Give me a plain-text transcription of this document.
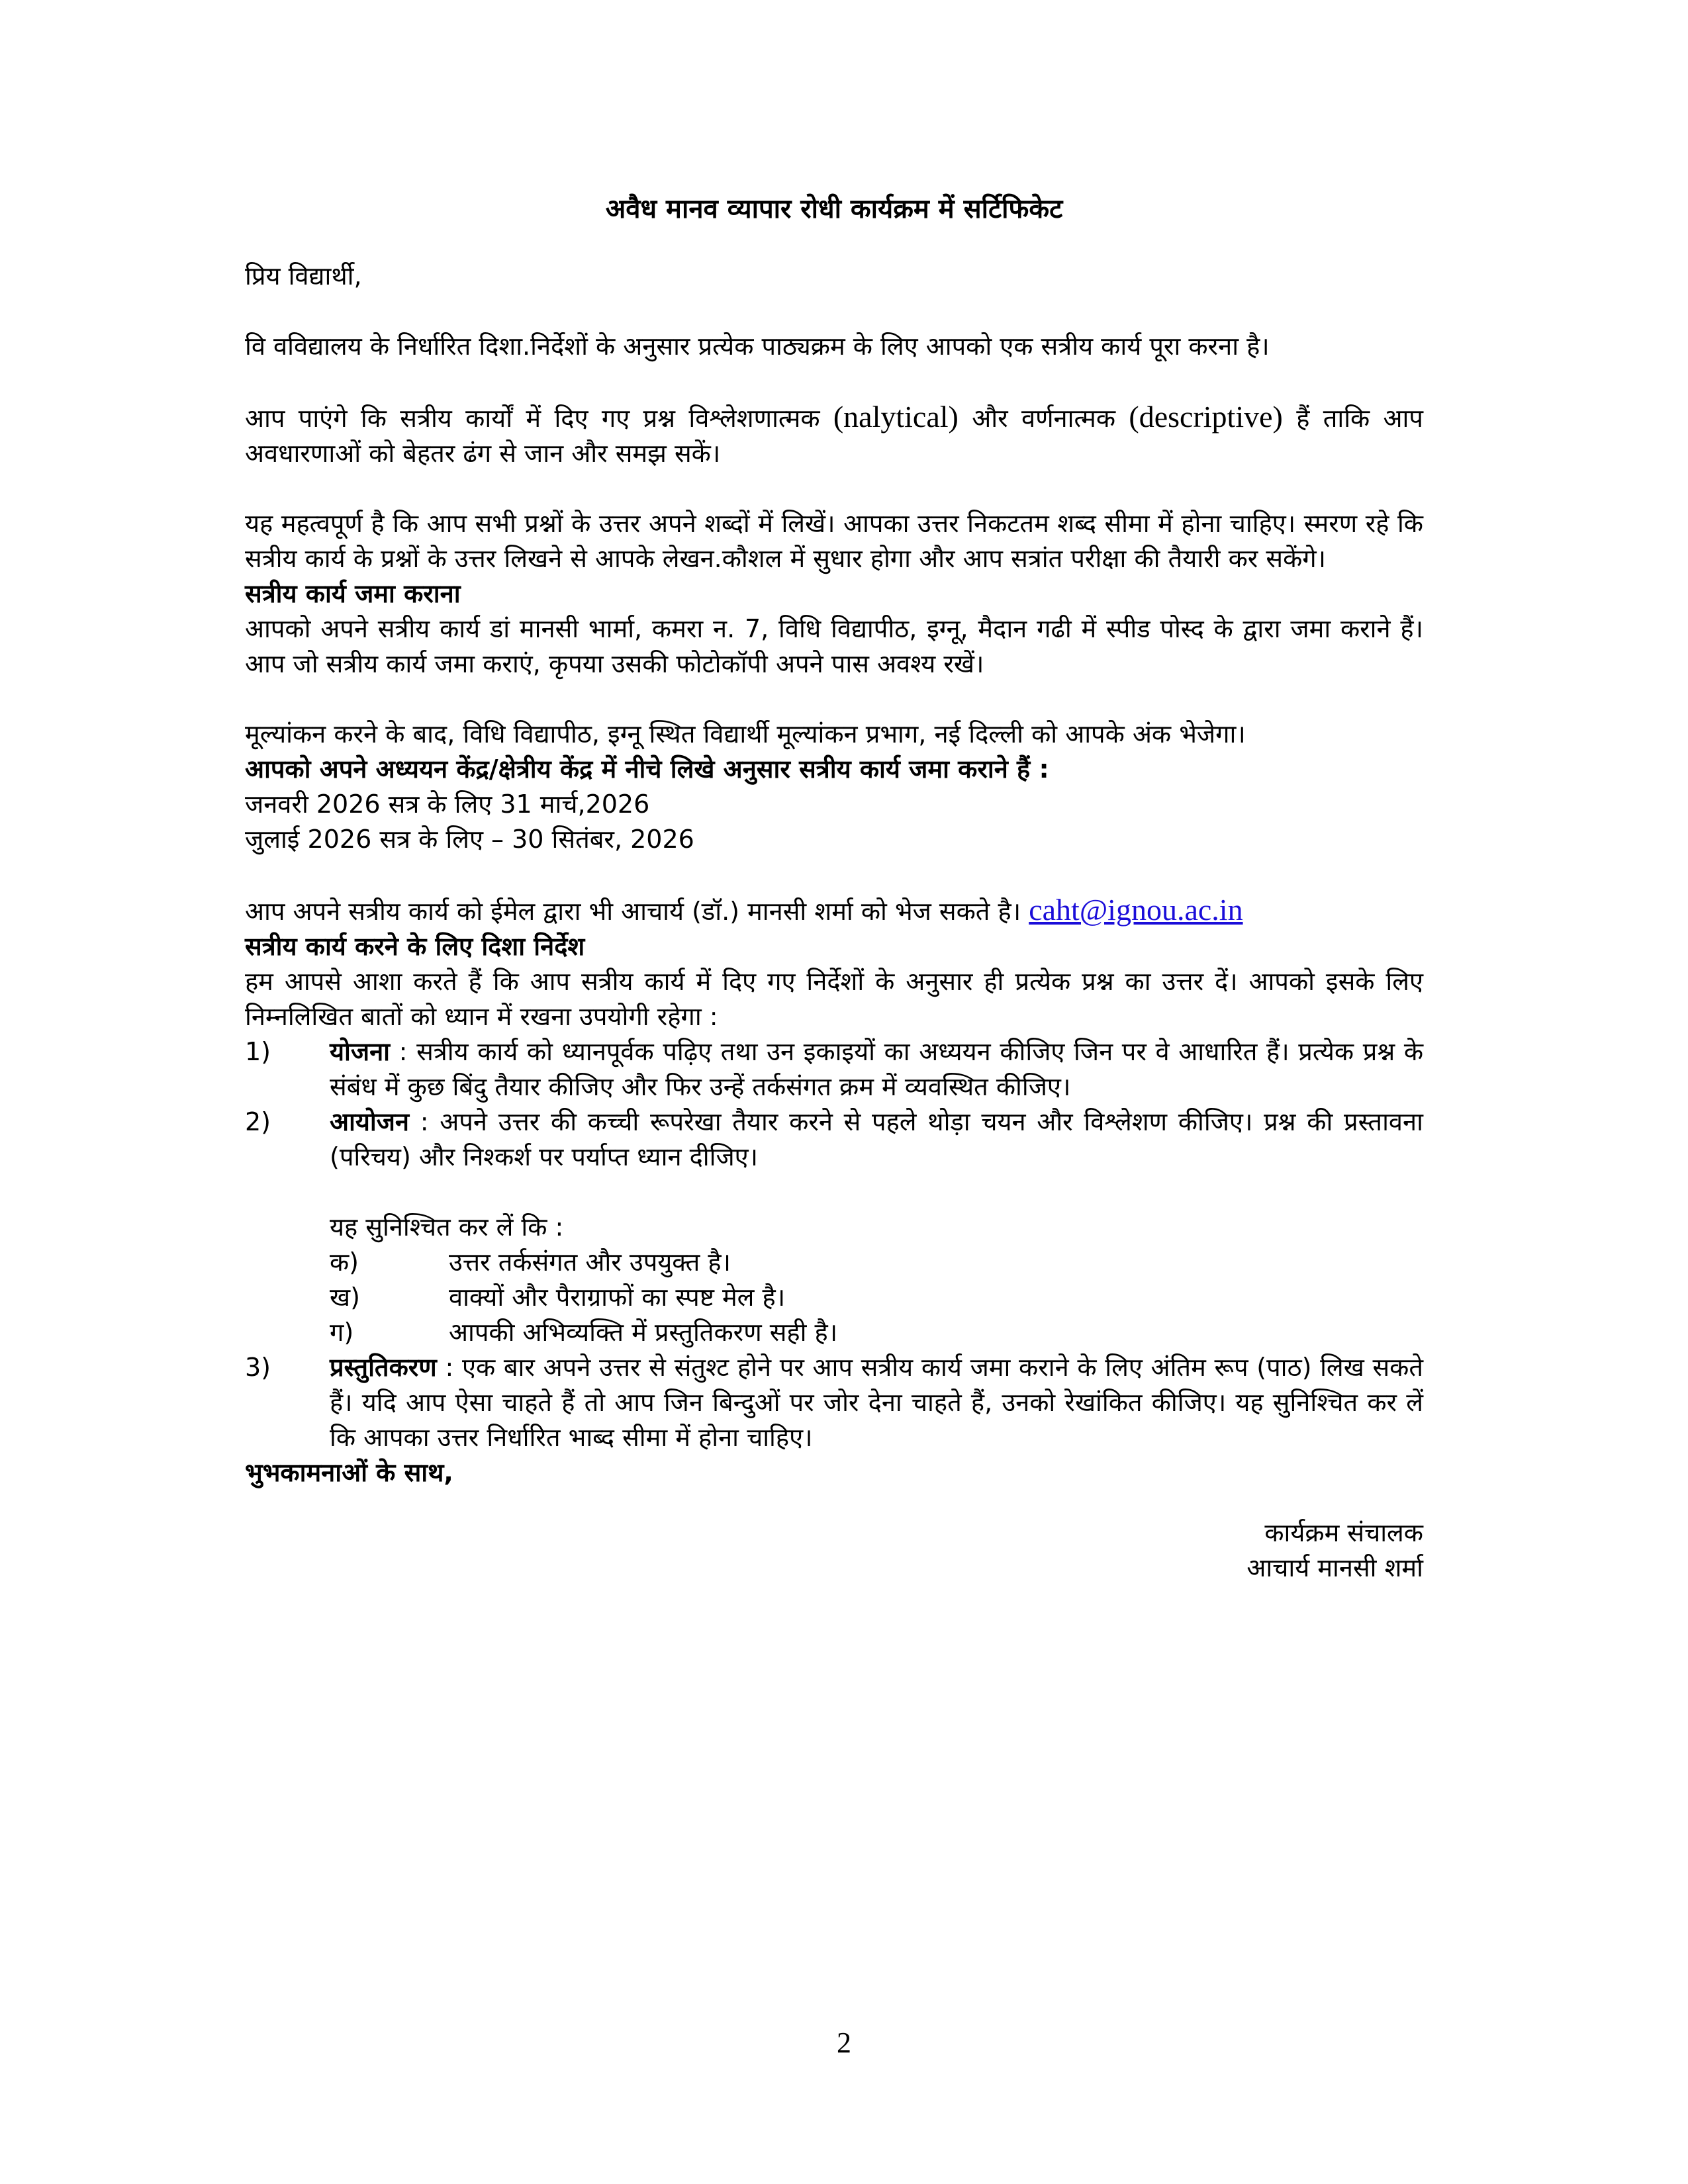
अवैध मानव व्यापार रोधी कार्यक्रम में सर्टिफिकेट

प्रिय विद्यार्थी,

वि वविद्यालय के निर्धारित दिशा.निर्देशों के अनुसार प्रत्येक पाठ्यक्रम के लिए आपको एक सत्रीय कार्य पूरा करना है।

आप पाएंगे कि सत्रीय कार्यों में दिए गए प्रश्न विश्लेशणात्मक (nalytical) और वर्णनात्मक (descriptive) हैं ताकि आप अवधारणाओं को बेहतर ढंग से जान और समझ सकें।

यह महत्वपूर्ण है कि आप सभी प्रश्नों के उत्तर अपने शब्दों में लिखें। आपका उत्तर निकटतम शब्द सीमा में होना चाहिए। स्मरण रहे कि सत्रीय कार्य के प्रश्नों के उत्तर लिखने से आपके लेखन.कौशल में सुधार होगा और आप सत्रांत परीक्षा की तैयारी कर सकेंगे।

सत्रीय कार्य जमा कराना

आपको अपने सत्रीय कार्य डां मानसी भार्मा, कमरा न. 7, विधि विद्यापीठ, इग्नू, मैदान गढी में स्पीड पोस्द के द्वारा जमा कराने हैं। आप जो सत्रीय कार्य जमा कराएं, कृपया उसकी फोटोकॉपी अपने पास अवश्य रखें।

मूल्यांकन करने के बाद, विधि विद्यापीठ, इग्नू स्थित विद्यार्थी मूल्यांकन प्रभाग, नई दिल्ली को आपके अंक भेजेगा।

आपको अपने अध्ययन केंद्र/क्षेत्रीय केंद्र में नीचे लिखे अनुसार सत्रीय कार्य जमा कराने हैं :

जनवरी 2026 सत्र के लिए 31 मार्च,2026

जुलाई 2026 सत्र के लिए – 30 सितंबर, 2026

आप अपने सत्रीय कार्य को ईमेल द्वारा भी आचार्य (डॉ.) मानसी शर्मा को भेज सकते है। caht@ignou.ac.in

सत्रीय कार्य करने के लिए दिशा निर्देश

हम आपसे आशा करते हैं कि आप सत्रीय कार्य में दिए गए निर्देशों के अनुसार ही प्रत्येक प्रश्न का उत्तर दें। आपको इसके लिए निम्नलिखित बातों को ध्यान में रखना उपयोगी रहेगा :

1)	योजना : सत्रीय कार्य को ध्यानपूर्वक पढ़िए तथा उन इकाइयों का अध्ययन कीजिए जिन पर वे आधारित हैं। प्रत्येक प्रश्न के संबंध में कुछ बिंदु तैयार कीजिए और फिर उन्हें तर्कसंगत क्रम में व्यवस्थित कीजिए।
2)	आयोजन : अपने उत्तर की कच्ची रूपरेखा तैयार करने से पहले थोड़ा चयन और विश्लेशण कीजिए। प्रश्न की प्रस्तावना (परिचय) और निश्कर्श पर पर्याप्त ध्यान दीजिए।
यह सुनिश्चित कर लें कि :
क)	उत्तर तर्कसंगत और उपयुक्त है।
ख)	वाक्यों और पैराग्राफों का स्पष्ट मेल है।
ग)	आपकी अभिव्यक्ति में प्रस्तुतिकरण सही है।
3)	प्रस्तुतिकरण : एक बार अपने उत्तर से संतुश्ट होने पर आप सत्रीय कार्य जमा कराने के लिए अंतिम रूप (पाठ) लिख सकते हैं। यदि आप ऐसा चाहते हैं तो आप जिन बिन्दुओं पर जोर देना चाहते हैं, उनको रेखांकित कीजिए। यह सुनिश्चित कर लें कि आपका उत्तर निर्धारित भाब्द सीमा में होना चाहिए।

भुभकामनाओं के साथ,

कार्यक्रम संचालक

आचार्य मानसी शर्मा

2
